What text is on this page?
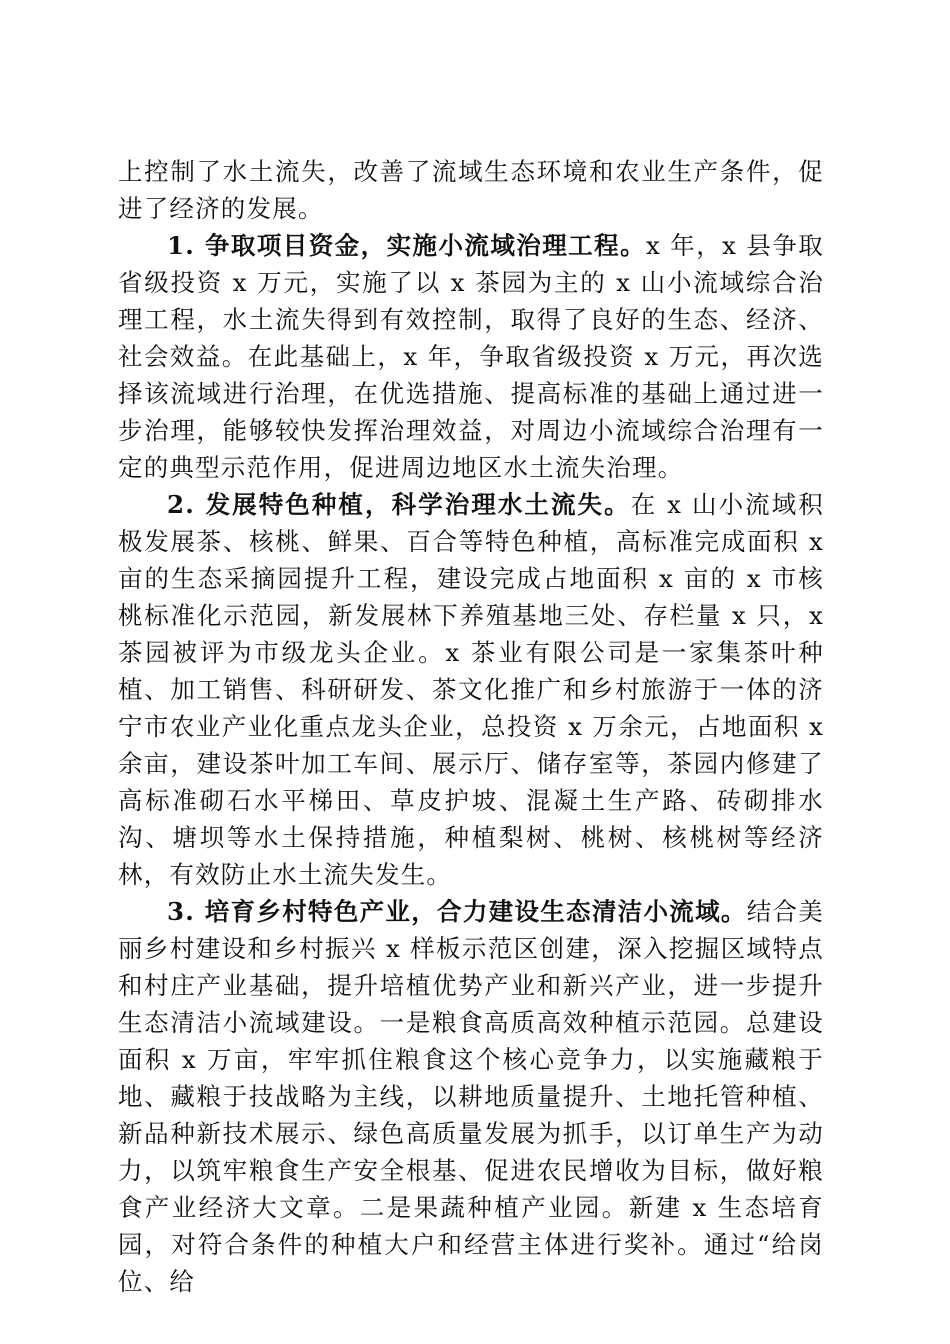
上控制了水土流失，改善了流域生态环境和农业生产条件，促进了经济的发展。

1. 争取项目资金，实施小流域治理工程。x 年，x 县争取省级投资 x 万元，实施了以 x 茶园为主的 x 山小流域综合治理工程，水土流失得到有效控制，取得了良好的生态、经济、社会效益。在此基础上，x 年，争取省级投资 x 万元，再次选择该流域进行治理，在优选措施、提高标准的基础上通过进一步治理，能够较快发挥治理效益，对周边小流域综合治理有一定的典型示范作用，促进周边地区水土流失治理。

2. 发展特色种植，科学治理水土流失。在 x 山小流域积极发展茶、核桃、鲜果、百合等特色种植，高标准完成面积 x 亩的生态采摘园提升工程，建设完成占地面积 x 亩的 x 市核桃标准化示范园，新发展林下养殖基地三处、存栏量 x 只，x 茶园被评为市级龙头企业。x 茶业有限公司是一家集茶叶种植、加工销售、科研研发、茶文化推广和乡村旅游于一体的济宁市农业产业化重点龙头企业，总投资 x 万余元，占地面积 x 余亩，建设茶叶加工车间、展示厅、储存室等，茶园内修建了高标准砌石水平梯田、草皮护坡、混凝土生产路、砖砌排水沟、塘坝等水土保持措施，种植梨树、桃树、核桃树等经济林，有效防止水土流失发生。

3. 培育乡村特色产业，合力建设生态清洁小流域。结合美丽乡村建设和乡村振兴 x 样板示范区创建，深入挖掘区域特点和村庄产业基础，提升培植优势产业和新兴产业，进一步提升生态清洁小流域建设。一是粮食高质高效种植示范园。总建设面积 x 万亩，牢牢抓住粮食这个核心竞争力，以实施藏粮于地、藏粮于技战略为主线，以耕地质量提升、土地托管种植、新品种新技术展示、绿色高质量发展为抓手，以订单生产为动力，以筑牢粮食生产安全根基、促进农民增收为目标，做好粮食产业经济大文章。二是果蔬种植产业园。新建 x 生态培育园，对符合条件的种植大户和经营主体进行奖补。通过“给岗位、给
